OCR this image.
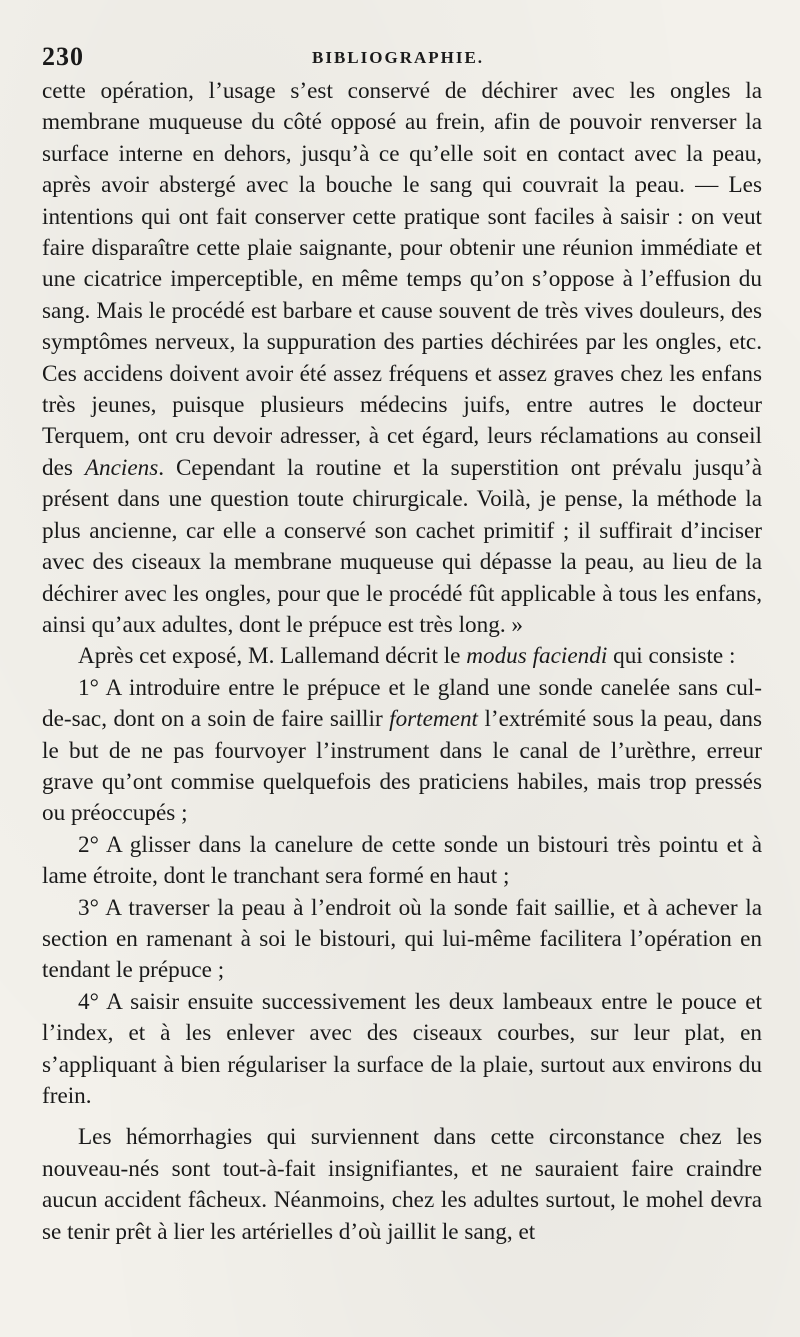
230	BIBLIOGRAPHIE.

cette opération, l’usage s’est conservé de déchirer avec les ongles la membrane muqueuse du côté opposé au frein, afin de pouvoir renverser la surface interne en dehors, jusqu’à ce qu’elle soit en contact avec la peau, après avoir abstergé avec la bouche le sang qui couvrait la peau. — Les intentions qui ont fait conserver cette pratique sont faciles à saisir : on veut faire disparaître cette plaie saignante, pour obtenir une réunion immédiate et une cicatrice imperceptible, en même temps qu’on s’oppose à l’effusion du sang. Mais le procédé est barbare et cause souvent de très vives douleurs, des symptômes nerveux, la suppuration des parties déchirées par les ongles, etc. Ces accidens doivent avoir été assez fréquens et assez graves chez les enfans très jeunes, puisque plusieurs médecins juifs, entre autres le docteur Terquem, ont cru devoir adresser, à cet égard, leurs réclamations au conseil des Anciens. Cependant la routine et la superstition ont prévalu jusqu’à présent dans une question toute chirurgicale. Voilà, je pense, la méthode la plus ancienne, car elle a conservé son cachet primitif ; il suffirait d’inciser avec des ciseaux la membrane muqueuse qui dépasse la peau, au lieu de la déchirer avec les ongles, pour que le procédé fût applicable à tous les enfans, ainsi qu’aux adultes, dont le prépuce est très long. »

Après cet exposé, M. Lallemand décrit le modus faciendi qui consiste :

1° A introduire entre le prépuce et le gland une sonde canelée sans cul-de-sac, dont on a soin de faire saillir fortement l’extrémité sous la peau, dans le but de ne pas fourvoyer l’instrument dans le canal de l’urèthre, erreur grave qu’ont commise quelquefois des praticiens habiles, mais trop pressés ou préoccupés ;

2° A glisser dans la canelure de cette sonde un bistouri très pointu et à lame étroite, dont le tranchant sera formé en haut ;

3° A traverser la peau à l’endroit où la sonde fait saillie, et à achever la section en ramenant à soi le bistouri, qui lui-même facilitera l’opération en tendant le prépuce ;

4° A saisir ensuite successivement les deux lambeaux entre le pouce et l’index, et à les enlever avec des ciseaux courbes, sur leur plat, en s’appliquant à bien régulariser la surface de la plaie, surtout aux environs du frein.

Les hémorrhagies qui surviennent dans cette circonstance chez les nouveau-nés sont tout-à-fait insignifiantes, et ne sauraient faire craindre aucun accident fâcheux. Néanmoins, chez les adultes surtout, le mohel devra se tenir prêt à lier les artérielles d’où jaillit le sang, et
